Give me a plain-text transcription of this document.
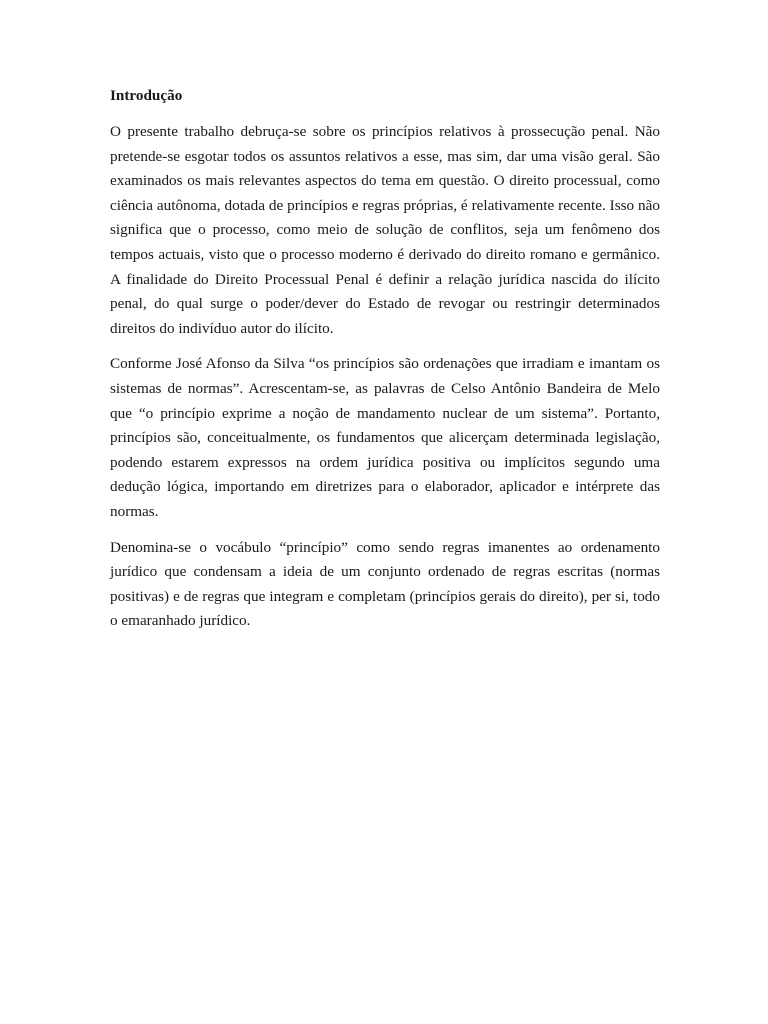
Introdução

O presente trabalho debruça-se sobre os princípios relativos à prossecução penal. Não pretende-se esgotar todos os assuntos relativos a esse, mas sim, dar uma visão geral. São examinados os mais relevantes aspectos do tema em questão. O direito processual, como ciência autônoma, dotada de princípios e regras próprias, é relativamente recente. Isso não significa que o processo, como meio de solução de conflitos, seja um fenômeno dos tempos actuais, visto que o processo moderno é derivado do direito romano e germânico. A finalidade do Direito Processual Penal é definir a relação jurídica nascida do ilícito penal, do qual surge o poder/dever do Estado de revogar ou restringir determinados direitos do indivíduo autor do ilícito.

Conforme José Afonso da Silva “os princípios são ordenações que irradiam e imantam os sistemas de normas”. Acrescentam-se, as palavras de Celso Antônio Bandeira de Melo que “o princípio exprime a noção de mandamento nuclear de um sistema”. Portanto, princípios são, conceitualmente, os fundamentos que alicerçam determinada legislação, podendo estarem expressos na ordem jurídica positiva ou implícitos segundo uma dedução lógica, importando em diretrizes para o elaborador, aplicador e intérprete das normas.

Denomina-se o vocábulo “princípio” como sendo regras imanentes ao ordenamento jurídico que condensam a ideia de um conjunto ordenado de regras escritas (normas positivas) e de regras que integram e completam (princípios gerais do direito), per si, todo o emaranhado jurídico.
